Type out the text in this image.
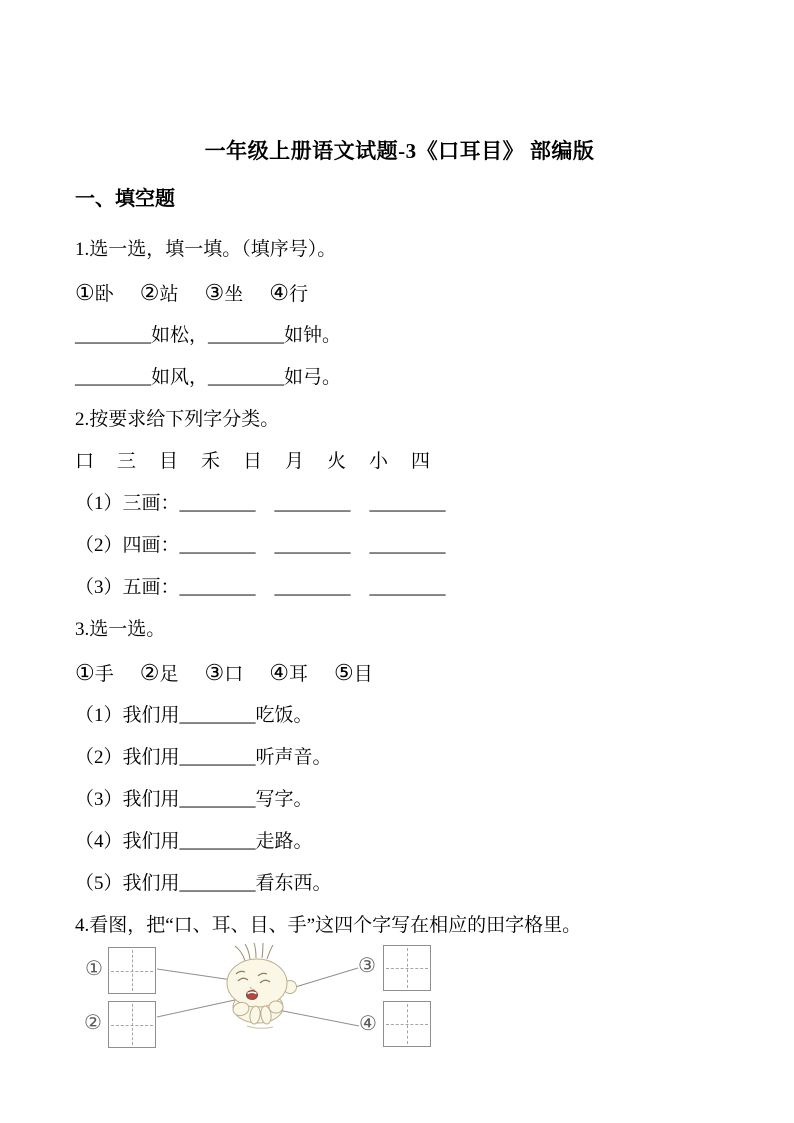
一年级上册语文试题-3《口耳目》 部编版
一、填空题

1.选一选，填一填。（填序号）。

①卧 ②站 ③坐 ④行

________如松，________如钟。

________如风，________如弓。

2.按要求给下列字分类。

口　三　目　禾　日　月　火　小　四

（1）三画：________　________　________

（2）四画：________　________　________

（3）五画：________　________　________

3.选一选。

①手 ②足 ③口 ④耳 ⑤目

（1）我们用________吃饭。

（2）我们用________听声音。

（3）我们用________写字。

（4）我们用________走路。

（5）我们用________看东西。

4.看图，把“口、耳、目、手”这四个字写在相应的田字格里。

①
②
③
④
